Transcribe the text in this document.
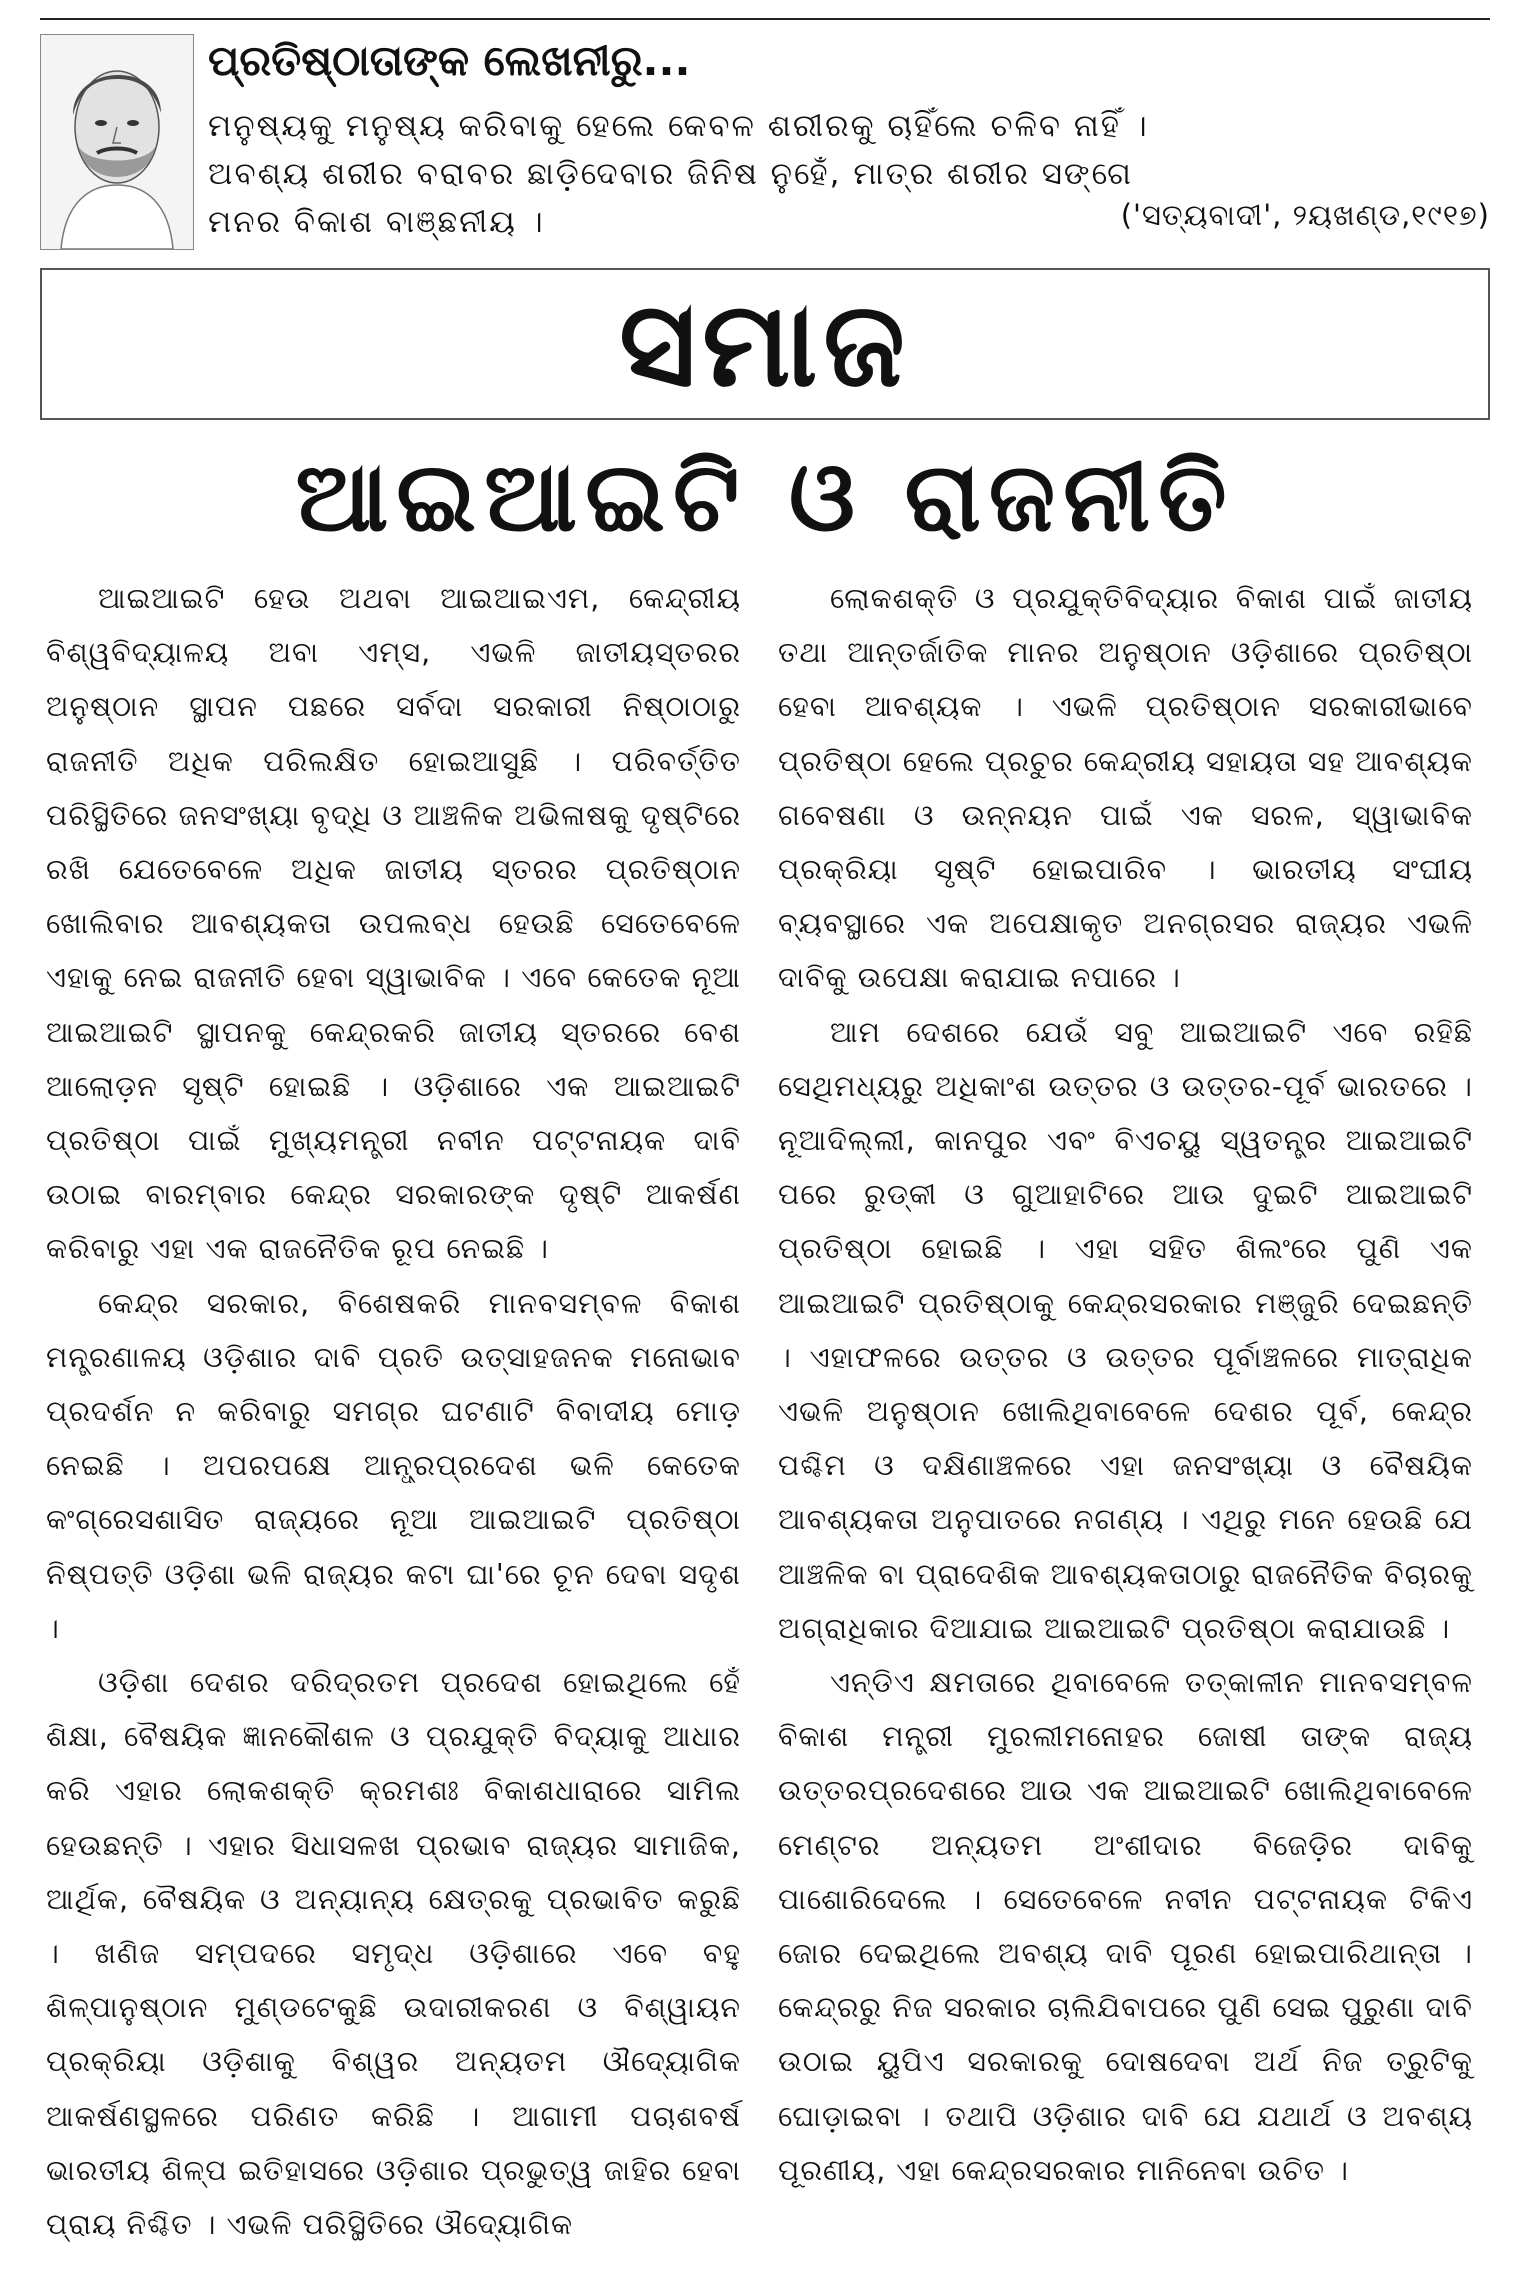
ପ୍ରତିଷ୍ଠାତାଙ୍କ ଲେଖନୀରୁ...
ମନୁଷ୍ୟକୁ ମନୁଷ୍ୟ କରିବାକୁ ହେଲେ କେବଳ ଶରୀରକୁ ଚାହିଁଲେ ଚଳିବ ନାହିଁ ।
ଅବଶ୍ୟ ଶରୀର ବରାବର ଛାଡ଼ିଦେବାର ଜିନିଷ ନୁହେଁ, ମାତ୍ର ଶରୀର ସଙ୍ଗେ
ମନର ବିକାଶ ବାଞ୍ଛନୀୟ ।	('ସତ୍ୟବାଦୀ', ୨ୟଖଣ୍ଡ,୧୯୧୭)
ସମାଜ
ଆଇଆଇଟି ଓ ରାଜନୀତି

ଆଇଆଇଟି ହେଉ ଅଥବା ଆଇଆଇଏମ, କେନ୍ଦ୍ରୀୟ ବିଶ୍ୱବିଦ୍ୟାଳୟ ଅବା ଏମ୍ସ, ଏଭଳି ଜାତୀୟସ୍ତରର ଅନୁଷ୍ଠାନ ସ୍ଥାପନ ପଛରେ ସର୍ବଦା ସରକାରୀ ନିଷ୍ଠାଠାରୁ ରାଜନୀତି ଅଧିକ ପରିଲକ୍ଷିତ ହୋଇଆସୁଛି । ପରିବର୍ତ୍ତିତ ପରିସ୍ଥିତିରେ ଜନସଂଖ୍ୟା ବୃଦ୍ଧି ଓ ଆଞ୍ଚଳିକ ଅଭିଳାଷକୁ ଦୃଷ୍ଟିରେ ରଖି ଯେତେବେଳେ ଅଧିକ ଜାତୀୟ ସ୍ତରର ପ୍ରତିଷ୍ଠାନ ଖୋଲିବାର ଆବଶ୍ୟକତା ଉପଲବ୍ଧ ହେଉଛି ସେତେବେଳେ ଏହାକୁ ନେଇ ରାଜନୀତି ହେବା ସ୍ୱାଭାବିକ । ଏବେ କେତେକ ନୂଆ ଆଇଆଇଟି ସ୍ଥାପନକୁ କେନ୍ଦ୍ରକରି ଜାତୀୟ ସ୍ତରରେ ବେଶ ଆଲୋଡ଼ନ ସୃଷ୍ଟି ହୋଇଛି । ଓଡ଼ିଶାରେ ଏକ ଆଇଆଇଟି ପ୍ରତିଷ୍ଠା ପାଇଁ ମୁଖ୍ୟମନ୍ତ୍ରୀ ନବୀନ ପଟ୍ଟନାୟକ ଦାବି ଉଠାଇ ବାରମ୍ବାର କେନ୍ଦ୍ର ସରକାରଙ୍କ ଦୃଷ୍ଟି ଆକର୍ଷଣ କରିବାରୁ ଏହା ଏକ ରାଜନୈତିକ ରୂପ ନେଇଛି ।

କେନ୍ଦ୍ର ସରକାର, ବିଶେଷକରି ମାନବସମ୍ବଳ ବିକାଶ ମନ୍ତ୍ରଣାଳୟ ଓଡ଼ିଶାର ଦାବି ପ୍ରତି ଉତ୍ସାହଜନକ ମନୋଭାବ ପ୍ରଦର୍ଶନ ନ କରିବାରୁ ସମଗ୍ର ଘଟଣାଟି ବିବାଦୀୟ ମୋଡ଼ ନେଇଛି । ଅପରପକ୍ଷେ ଆନ୍ଧ୍ରପ୍ରଦେଶ ଭଳି କେତେକ କଂଗ୍ରେସଶାସିତ ରାଜ୍ୟରେ ନୂଆ ଆଇଆଇଟି ପ୍ରତିଷ୍ଠା ନିଷ୍ପତ୍ତି ଓଡ଼ିଶା ଭଳି ରାଜ୍ୟର କଟା ଘା'ରେ ଚୂନ ଦେବା ସଦୃଶ ।

ଓଡ଼ିଶା ଦେଶର ଦରିଦ୍ରତମ ପ୍ରଦେଶ ହୋଇଥିଲେ ହେଁ ଶିକ୍ଷା, ବୈଷୟିକ ଜ୍ଞାନକୌଶଳ ଓ ପ୍ରଯୁକ୍ତି ବିଦ୍ୟାକୁ ଆଧାର କରି ଏହାର ଲୋକଶକ୍ତି କ୍ରମଶଃ ବିକାଶଧାରାରେ ସାମିଲ ହେଉଛନ୍ତି । ଏହାର ସିଧାସଳଖ ପ୍ରଭାବ ରାଜ୍ୟର ସାମାଜିକ, ଆର୍ଥିକ, ବୈଷୟିକ ଓ ଅନ୍ୟାନ୍ୟ କ୍ଷେତ୍ରକୁ ପ୍ରଭାବିତ କରୁଛି । ଖଣିଜ ସମ୍ପଦରେ ସମୃଦ୍ଧ ଓଡ଼ିଶାରେ ଏବେ ବହୁ ଶିଳ୍ପାନୁଷ୍ଠାନ ମୁଣ୍ଡଟେକୁଛି ଉଦାରୀକରଣ ଓ ବିଶ୍ୱାୟନ ପ୍ରକ୍ରିୟା ଓଡ଼ିଶାକୁ ବିଶ୍ୱର ଅନ୍ୟତମ ଔଦ୍ୟୋଗିକ ଆକର୍ଷଣସ୍ଥଳରେ ପରିଣତ କରିଛି । ଆଗାମୀ ପଚାଶବର୍ଷ ଭାରତୀୟ ଶିଳ୍ପ ଇତିହାସରେ ଓଡ଼ିଶାର ପ୍ରଭୁତ୍ୱ ଜାହିର ହେବା ପ୍ରାୟ ନିଶ୍ଚିତ । ଏଭଳି ପରିସ୍ଥିତିରେ ଔଦ୍ୟୋଗିକ

ଲୋକଶକ୍ତି ଓ ପ୍ରଯୁକ୍ତିବିଦ୍ୟାର ବିକାଶ ପାଇଁ ଜାତୀୟ ତଥା ଆନ୍ତର୍ଜାତିକ ମାନର ଅନୁଷ୍ଠାନ ଓଡ଼ିଶାରେ ପ୍ରତିଷ୍ଠା ହେବା ଆବଶ୍ୟକ । ଏଭଳି ପ୍ରତିଷ୍ଠାନ ସରକାରୀଭାବେ ପ୍ରତିଷ୍ଠା ହେଲେ ପ୍ରଚୁର କେନ୍ଦ୍ରୀୟ ସହାୟତା ସହ ଆବଶ୍ୟକ ଗବେଷଣା ଓ ଉନ୍ନୟନ ପାଇଁ ଏକ ସରଳ, ସ୍ୱାଭାବିକ ପ୍ରକ୍ରିୟା ସୃଷ୍ଟି ହୋଇପାରିବ । ଭାରତୀୟ ସଂଘୀୟ ବ୍ୟବସ୍ଥାରେ ଏକ ଅପେକ୍ଷାକୃତ ଅନଗ୍ରସର ରାଜ୍ୟର ଏଭଳି ଦାବିକୁ ଉପେକ୍ଷା କରାଯାଇ ନପାରେ ।

ଆମ ଦେଶରେ ଯେଉଁ ସବୁ ଆଇଆଇଟି ଏବେ ରହିଛି ସେଥିମଧ୍ୟରୁ ଅଧିକାଂଶ ଉତ୍ତର ଓ ଉତ୍ତର-ପୂର୍ବ ଭାରତରେ । ନୂଆଦିଲ୍ଲୀ, କାନପୁର ଏବଂ ବିଏଚୟୁ ସ୍ୱତନ୍ତ୍ର ଆଇଆଇଟି ପରେ ରୁଡ୍କୀ ଓ ଗୁଆହାଟିରେ ଆଉ ଦୁଇଟି ଆଇଆଇଟି ପ୍ରତିଷ୍ଠା ହୋଇଛି । ଏହା ସହିତ ଶିଲଂରେ ପୁଣି ଏକ ଆଇଆଇଟି ପ୍ରତିଷ୍ଠାକୁ କେନ୍ଦ୍ରସରକାର ମଞ୍ଜୁରି ଦେଇଛନ୍ତି । ଏହାଫଳରେ ଉତ୍ତର ଓ ଉତ୍ତର ପୂର୍ବାଞ୍ଚଳରେ ମାତ୍ରାଧିକ ଏଭଳି ଅନୁଷ୍ଠାନ ଖୋଲିଥିବାବେଳେ ଦେଶର ପୂର୍ବ, କେନ୍ଦ୍ର ପଶ୍ଚିମ ଓ ଦକ୍ଷିଣାଞ୍ଚଳରେ ଏହା ଜନସଂଖ୍ୟା ଓ ବୈଷୟିକ ଆବଶ୍ୟକତା ଅନୁପାତରେ ନଗଣ୍ୟ । ଏଥିରୁ ମନେ ହେଉଛି ଯେ ଆଞ୍ଚଳିକ ବା ପ୍ରାଦେଶିକ ଆବଶ୍ୟକତାଠାରୁ ରାଜନୈତିକ ବିଚାରକୁ ଅଗ୍ରାଧିକାର ଦିଆଯାଇ ଆଇଆଇଟି ପ୍ରତିଷ୍ଠା କରାଯାଉଛି ।

ଏନ୍‌ଡିଏ କ୍ଷମତାରେ ଥିବାବେଳେ ତତ୍କାଳୀନ ମାନବସମ୍ବଳ ବିକାଶ ମନ୍ତ୍ରୀ ମୁରଲୀମନୋହର ଜୋଷୀ ତାଙ୍କ ରାଜ୍ୟ ଉତ୍ତରପ୍ରଦେଶରେ ଆଉ ଏକ ଆଇଆଇଟି ଖୋଲିଥିବାବେଳେ ମେଣ୍ଟର ଅନ୍ୟତମ ଅଂଶୀଦାର ବିଜେଡ଼ିର ଦାବିକୁ ପାଶୋରିଦେଲେ । ସେତେବେଳେ ନବୀନ ପଟ୍ଟନାୟକ ଟିକିଏ ଜୋର ଦେଇଥିଲେ ଅବଶ୍ୟ ଦାବି ପୂରଣ ହୋଇପାରିଥାନ୍ତା । କେନ୍ଦ୍ରରୁ ନିଜ ସରକାର ଚାଲିଯିବାପରେ ପୁଣି ସେଇ ପୁରୁଣା ଦାବି ଉଠାଇ ୟୁପିଏ ସରକାରକୁ ଦୋଷଦେବା ଅର୍ଥ ନିଜ ତ୍ରୁଟିକୁ ଘୋଡ଼ାଇବା । ତଥାପି ଓଡ଼ିଶାର ଦାବି ଯେ ଯଥାର୍ଥ ଓ ଅବଶ୍ୟ ପୂରଣୀୟ, ଏହା କେନ୍ଦ୍ରସରକାର ମାନିନେବା ଉଚିତ ।
